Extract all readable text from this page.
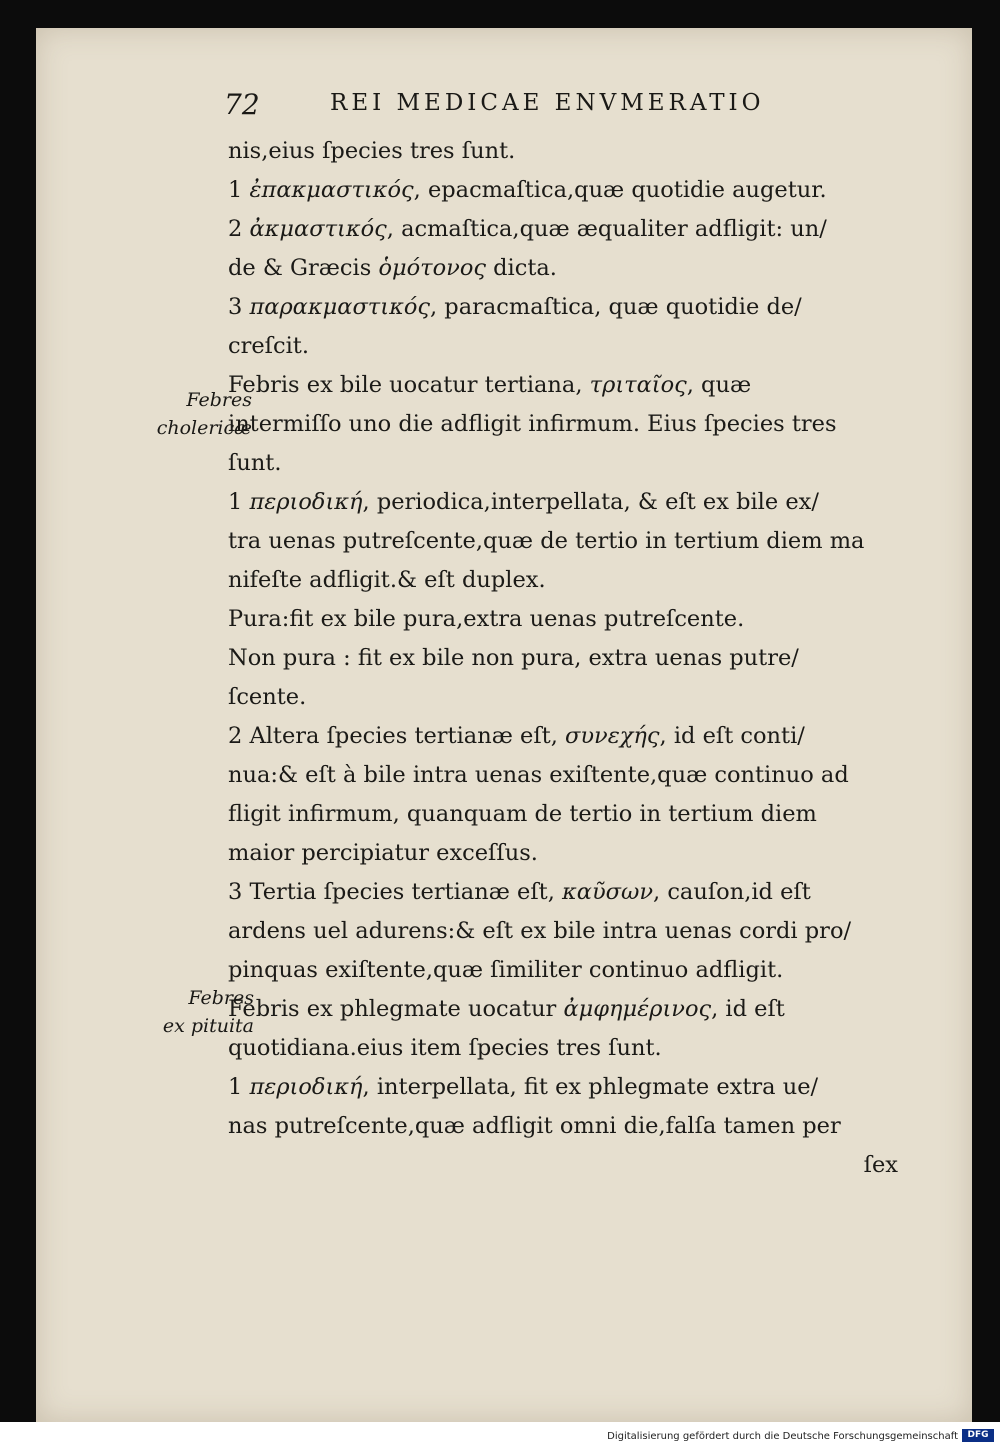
72	REI MEDICAE ENVMERATIO
Febres
cholericæ
Febres
ex pituita
nis,eius ſpecies tres ſunt.
1 ἐπακμαστικός, epacmaſtica,quæ quotidie augetur.
2 ἀκμαστικός, acmaſtica,quæ æqualiter adfligit: un/
de & Græcis ὁμότονος dicta.
3 παρακμαστικός, paracmaſtica, quæ quotidie de/
creſcit.
Febris ex bile uocatur tertiana, τριταῖος, quæ
intermiſſo uno die adfligit infirmum. Eius ſpecies tres
ſunt.
1 περιοδική, periodica,interpellata, & eſt ex bile ex/
tra uenas putreſcente,quæ de tertio in tertium diem ma
nifeſte adfligit.& eſt duplex.
Pura:fit ex bile pura,extra uenas putreſcente.
Non pura : fit ex bile non pura, extra uenas putre/
ſcente.
2 Altera ſpecies tertianæ eſt, συνεχής, id eſt conti/
nua:& eſt à bile intra uenas exiſtente,quæ continuo ad
fligit infirmum, quanquam de tertio in tertium diem
maior percipiatur exceſſus.
3 Tertia ſpecies tertianæ eſt, καῦσων, cauſon,id eſt
ardens uel adurens:& eſt ex bile intra uenas cordi pro/
pinquas exiſtente,quæ ſimiliter continuo adfligit.
Febris ex phlegmate uocatur ἀμφημέρινος, id eſt
quotidiana.eius item ſpecies tres ſunt.
1 περιοδική, interpellata, fit ex phlegmate extra ue/
nas putreſcente,quæ adfligit omni die,falſa tamen per
ſex
Digitalisierung gefördert durch die Deutsche Forschungsgemeinschaft	DFG
